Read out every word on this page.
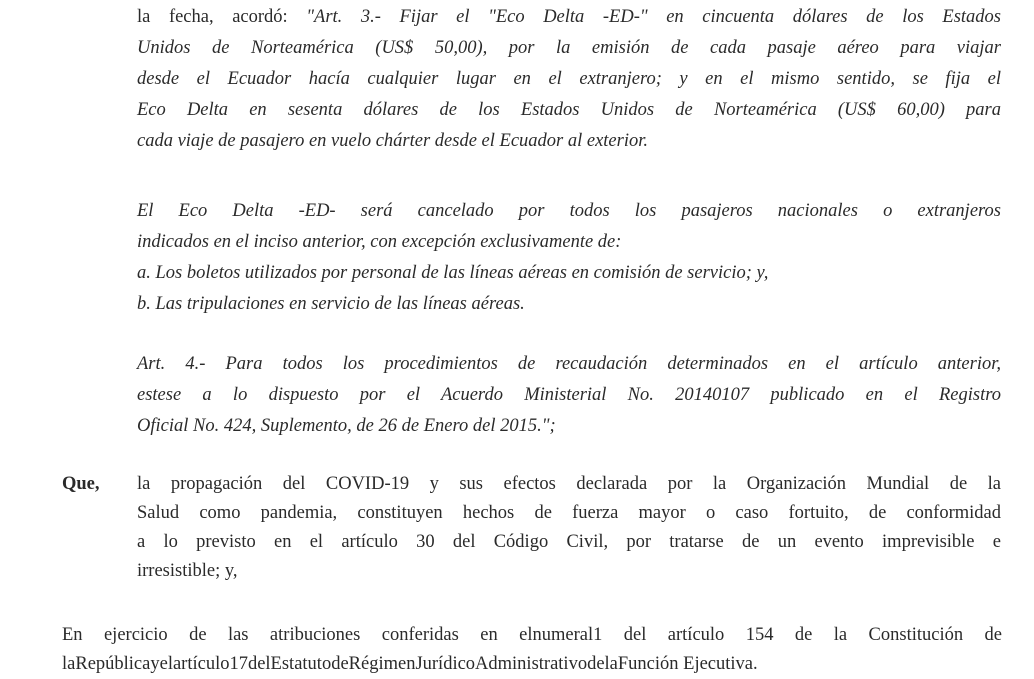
la fecha, acordó: "Art. 3.- Fijar el "Eco Delta -ED-" en cincuenta dólares de los Estados
Unidos de Norteamérica (US$ 50,00), por la emisión de cada pasaje aéreo para viajar
desde el Ecuador hacía cualquier lugar en el extranjero; y en el mismo sentido, se fija el
Eco Delta en sesenta dólares de los Estados Unidos de Norteamérica (US$ 60,00) para
cada viaje de pasajero en vuelo chárter desde el Ecuador al exterior.
El Eco Delta -ED- será cancelado por todos los pasajeros nacionales o extranjeros
indicados en el inciso anterior, con excepción exclusivamente de:
a. Los boletos utilizados por personal de las líneas aéreas en comisión de servicio; y,
b. Las tripulaciones en servicio de las líneas aéreas.
Art. 4.- Para todos los procedimientos de recaudación determinados en el artículo anterior,
estese a lo dispuesto por el Acuerdo Ministerial No. 20140107 publicado en el Registro
Oficial No. 424, Suplemento, de 26 de Enero del 2015.";
Que, la propagación del COVID-19 y sus efectos declarada por la Organización Mundial de la
Salud como pandemia, constituyen hechos de fuerza mayor o caso fortuito, de conformidad
a lo previsto en el artículo 30 del Código Civil, por tratarse de un evento imprevisible e
irresistible; y,
En ejercicio de las atribuciones conferidas en elnumeral1 del artículo 154 de la Constitución de
laRepúblicayelartículo17delEstatutodeRégimenJurídicoAdministrativodelaFunción Ejecutiva.
